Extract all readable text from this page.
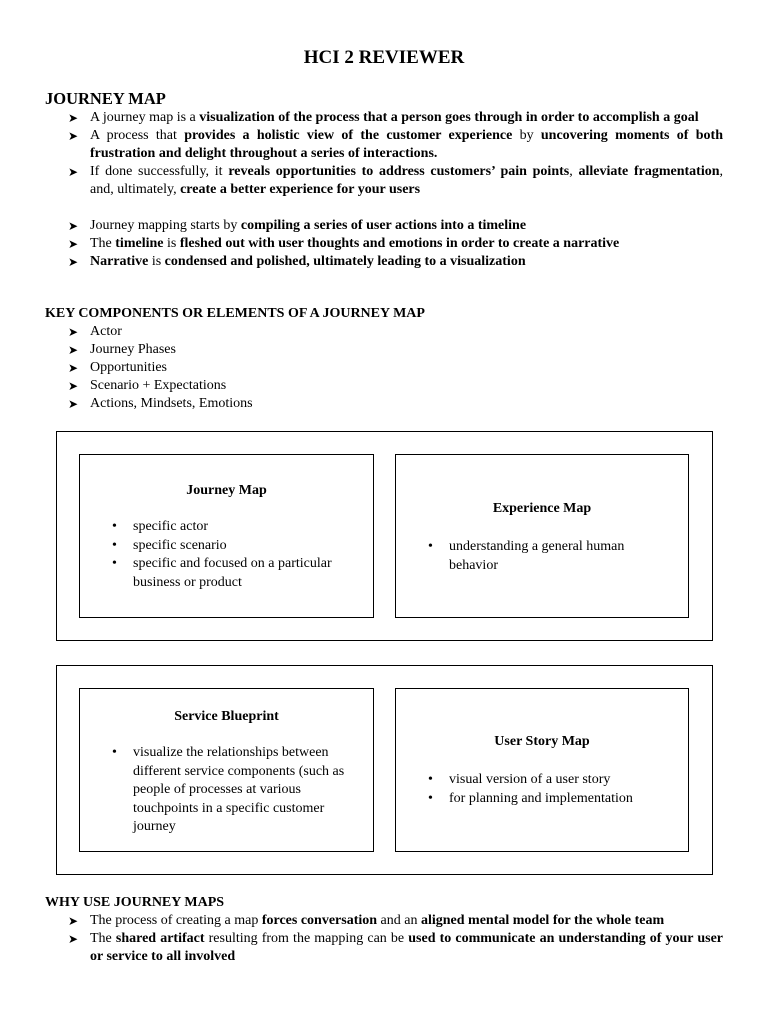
HCI 2 REVIEWER
JOURNEY MAP
➤ A journey map is a visualization of the process that a person goes through in order to accomplish a goal
➤ A process that provides a holistic view of the customer experience by uncovering moments of both frustration and delight throughout a series of interactions.
➤ If done successfully, it reveals opportunities to address customers’ pain points, alleviate fragmentation, and, ultimately, create a better experience for your users
➤ Journey mapping starts by compiling a series of user actions into a timeline
➤ The timeline is fleshed out with user thoughts and emotions in order to create a narrative
➤ Narrative is condensed and polished, ultimately leading to a visualization
KEY COMPONENTS OR ELEMENTS OF A JOURNEY MAP
➤ Actor
➤ Journey Phases
➤ Opportunities
➤ Scenario + Expectations
➤ Actions, Mindsets, Emotions
Journey Map
• specific actor
• specific scenario
• specific and focused on a particular business or product
Experience Map
• understanding a general human behavior
Service Blueprint
• visualize the relationships between different service components (such as people of processes at various touchpoints in a specific customer journey
User Story Map
• visual version of a user story
• for planning and implementation
WHY USE JOURNEY MAPS
➤ The process of creating a map forces conversation and an aligned mental model for the whole team
➤ The shared artifact resulting from the mapping can be used to communicate an understanding of your user or service to all involved
